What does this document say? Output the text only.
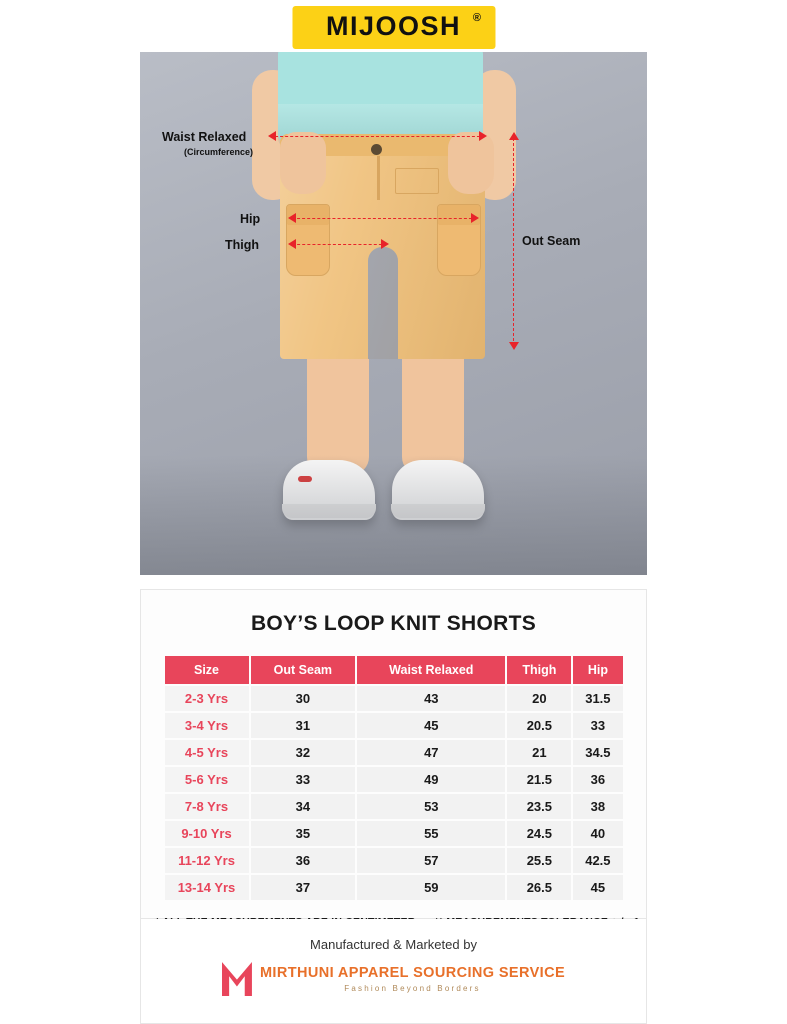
MIJOOSH ®
Waist Relaxed
(Circumference)
Hip
Thigh	Out Seam
BOY’S LOOP KNIT SHORTS
Size	Out Seam	Waist Relaxed	Thigh	Hip
2-3 Yrs	30	43	20	31.5
3-4 Yrs	31	45	20.5	33
4-5 Yrs	32	47	21	34.5
5-6 Yrs	33	49	21.5	36
7-8 Yrs	34	53	23.5	38
9-10 Yrs	35	55	24.5	40
11-12 Yrs	36	57	25.5	42.5
13-14 Yrs	37	59	26.5	45
Manufactured & Marketed by
MIRTHUNI APPAREL SOURCING SERVICE
Fashion Beyond Borders
